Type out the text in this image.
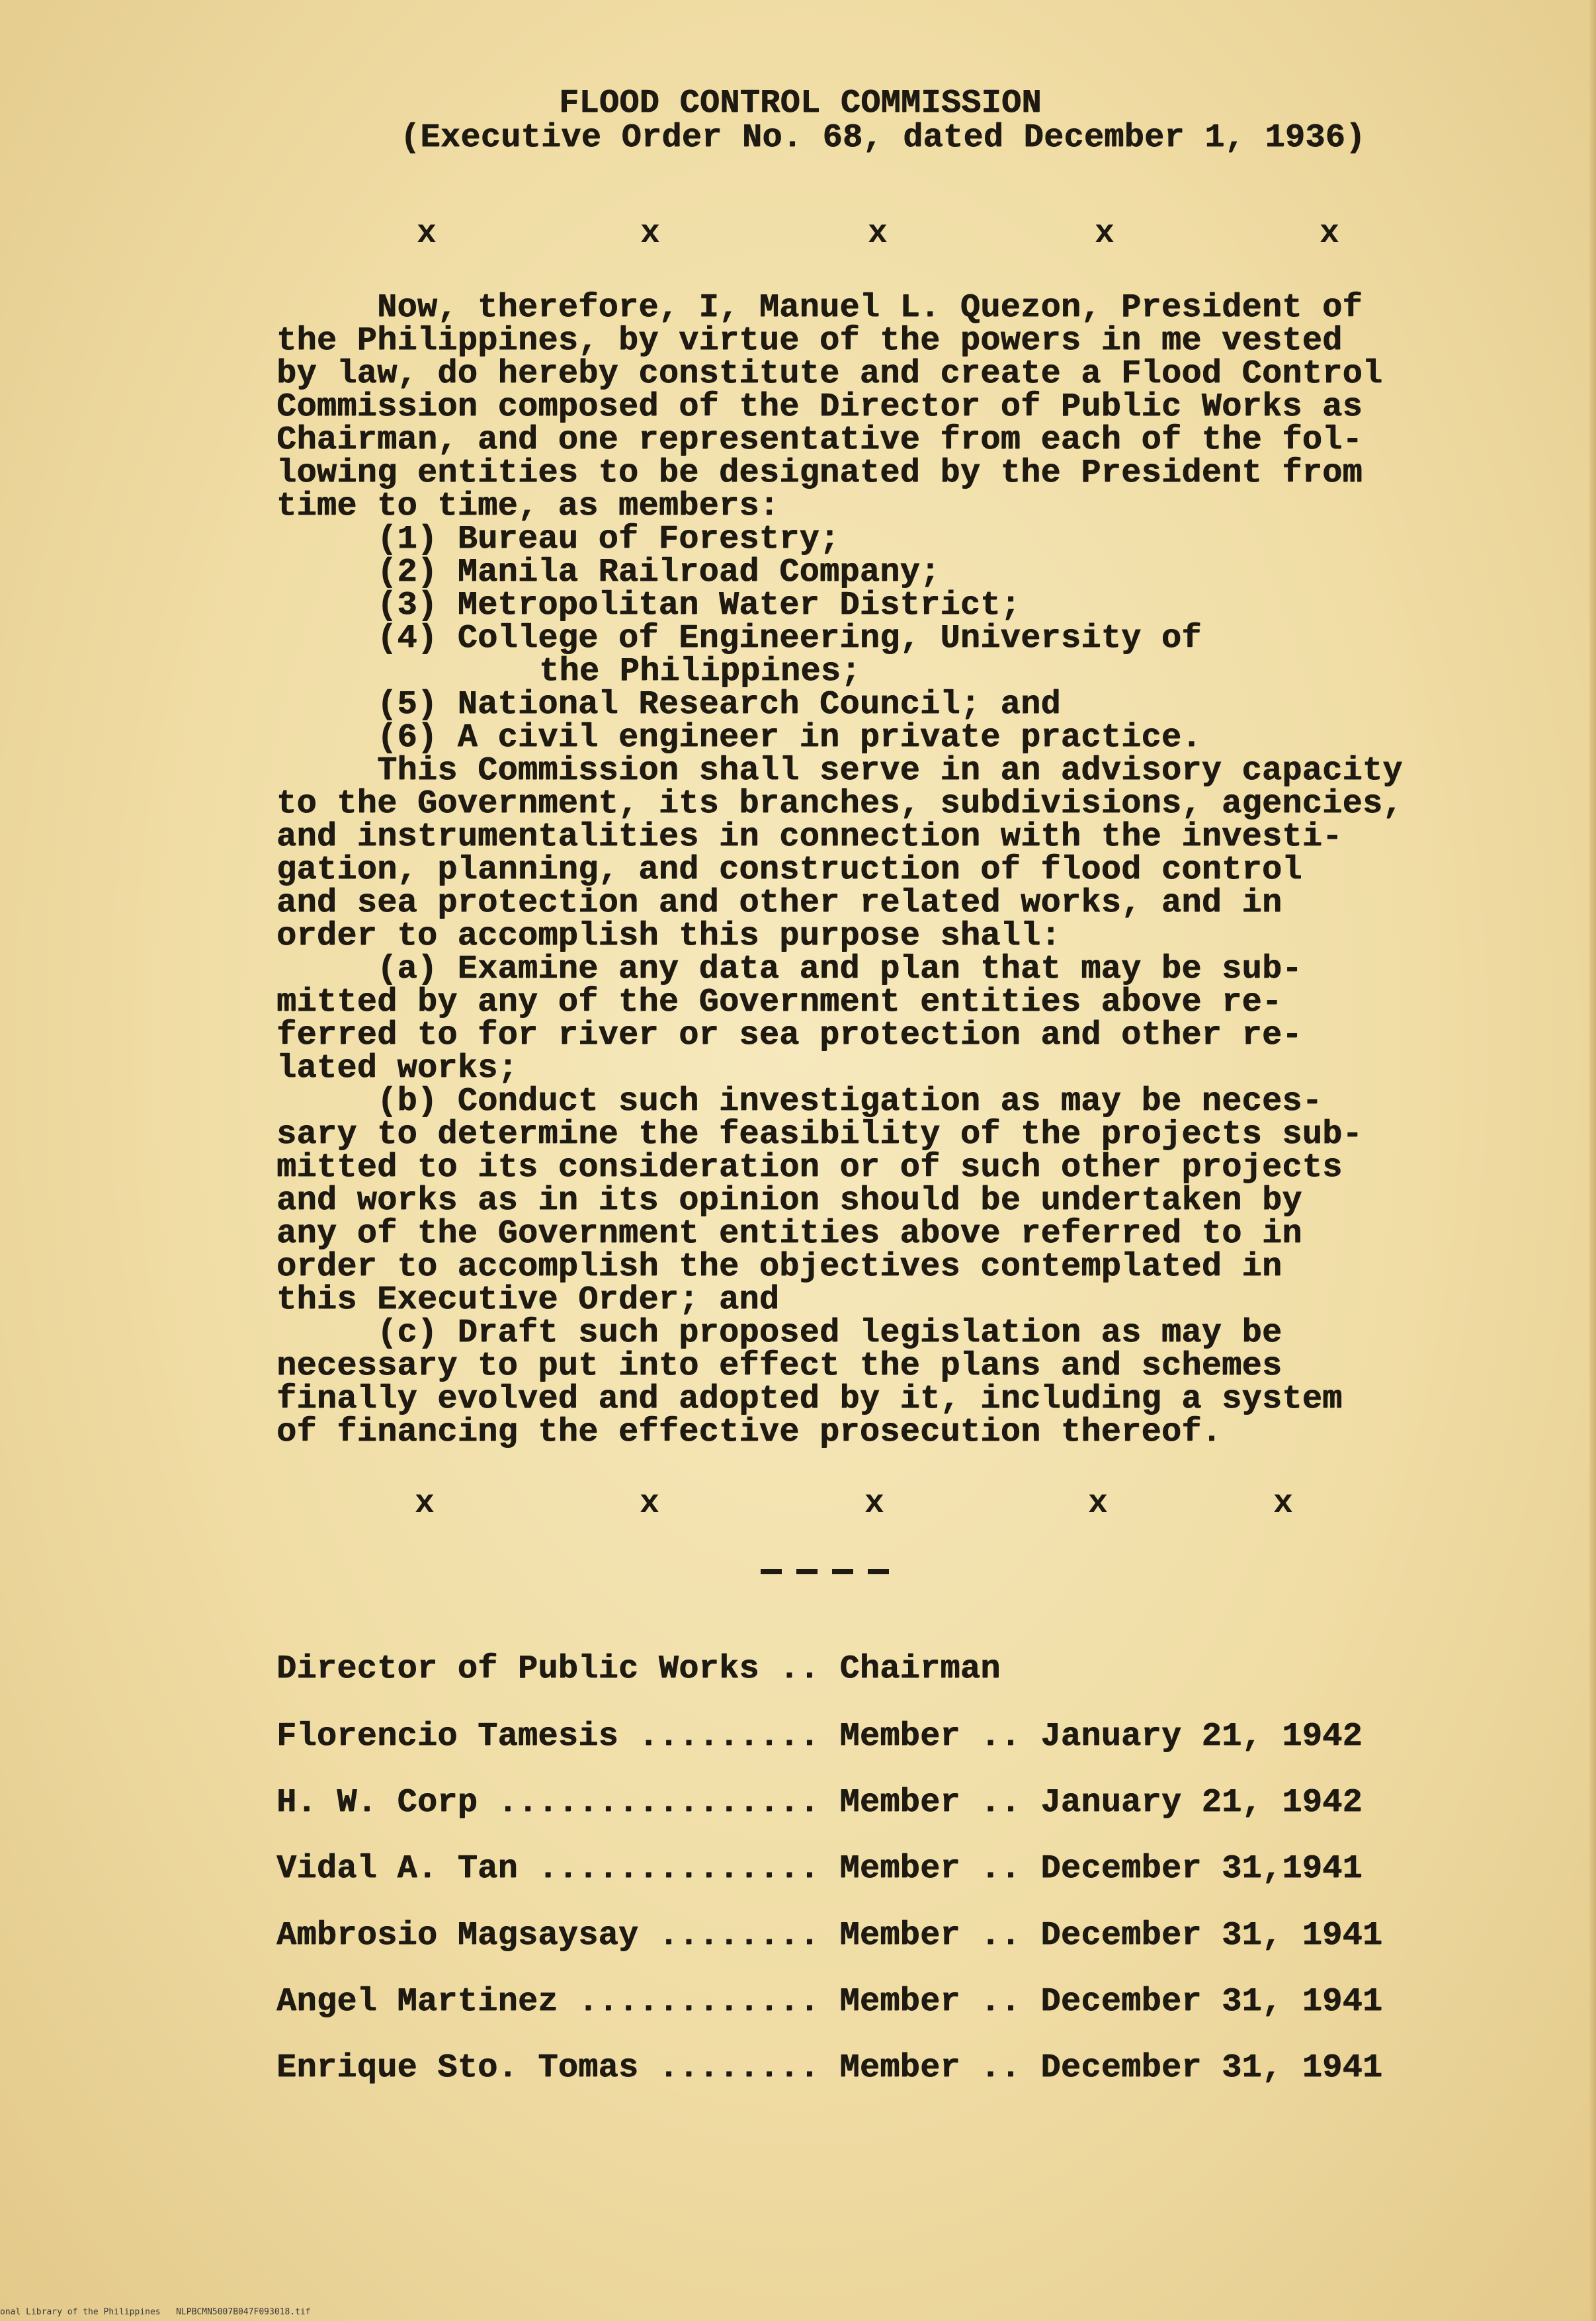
FLOOD CONTROL COMMISSION
(Executive Order No. 68, dated December 1, 1936)
x	x	x	x	x
Now, therefore, I, Manuel L. Quezon, President of
the Philippines, by virtue of the powers in me vested
by law, do hereby constitute and create a Flood Control
Commission composed of the Director of Public Works as
Chairman, and one representative from each of the fol-
lowing entities to be designated by the President from
time to time, as members:
(1) Bureau of Forestry;
(2) Manila Railroad Company;
(3) Metropolitan Water District;
(4) College of Engineering, University of
the Philippines;
(5) National Research Council; and
(6) A civil engineer in private practice.
This Commission shall serve in an advisory capacity
to the Government, its branches, subdivisions, agencies,
and instrumentalities in connection with the investi-
gation, planning, and construction of flood control
and sea protection and other related works, and in
order to accomplish this purpose shall:
(a) Examine any data and plan that may be sub-
mitted by any of the Government entities above re-
ferred to for river or sea protection and other re-
lated works;
(b) Conduct such investigation as may be neces-
sary to determine the feasibility of the projects sub-
mitted to its consideration or of such other projects
and works as in its opinion should be undertaken by
any of the Government entities above referred to in
order to accomplish the objectives contemplated in
this Executive Order; and
(c) Draft such proposed legislation as may be
necessary to put into effect the plans and schemes
finally evolved and adopted by it, including a system
of financing the effective prosecution thereof.
x	x	x	x	x
Director of Public Works .. Chairman
Florencio Tamesis ......... Member .. January 21, 1942
H. W. Corp ................ Member .. January 21, 1942
Vidal A. Tan .............. Member .. December 31,1941
Ambrosio Magsaysay ........ Member .. December 31, 1941
Angel Martinez ............ Member .. December 31, 1941
Enrique Sto. Tomas ........ Member .. December 31, 1941
onal Library of the Philippines   NLPBCMN5007B047F093018.tif
